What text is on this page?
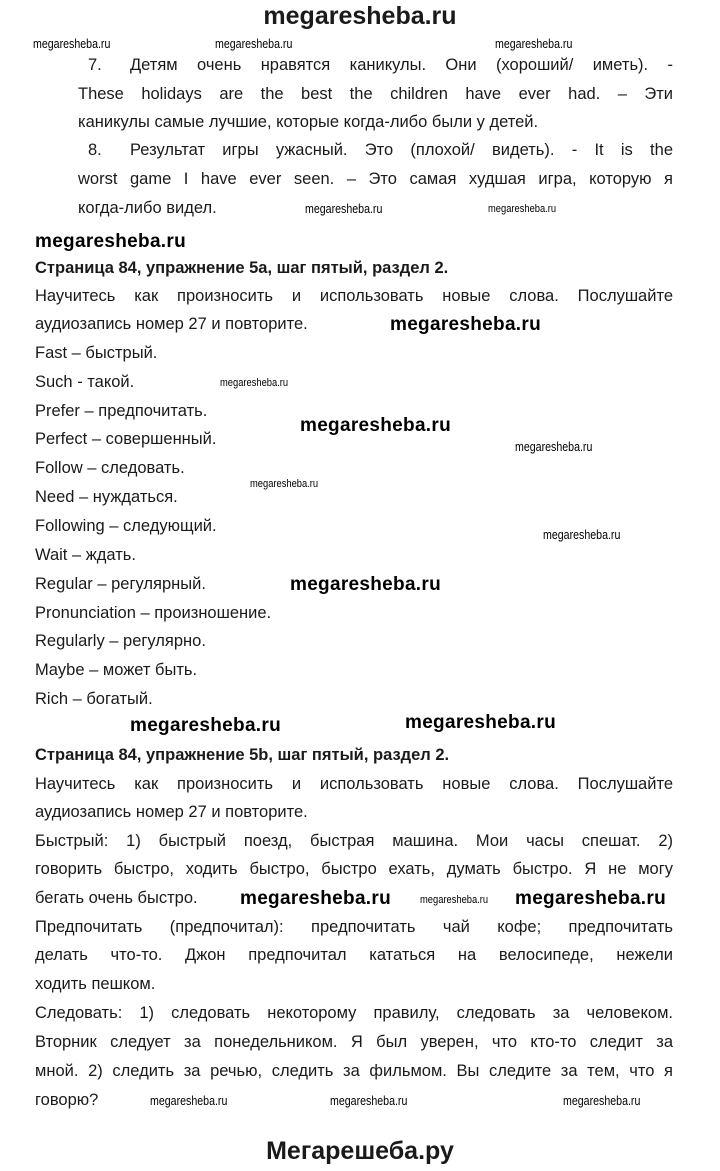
megaresheba.ru
7. Детям очень нравятся каникулы. Они (хороший/ иметь). -
These holidays are the best the children have ever had. – Эти
каникулы самые лучшие, которые когда-либо были у детей.
8. Результат игры ужасный. Это (плохой/ видеть). - It is the
worst game I have ever seen. – Это самая худшая игра, которую я
когда-либо видел.
Страница 84, упражнение 5a, шаг пятый, раздел 2.
Научитесь как произносить и использовать новые слова. Послушайте
аудиозапись номер 27 и повторите.
Fast – быстрый.
Such - такой.
Prefer – предпочитать.
Perfect – совершенный.
Follow – следовать.
Need – нуждаться.
Following – следующий.
Wait – ждать.
Regular – регулярный.
Pronunciation – произношение.
Regularly – регулярно.
Maybe – может быть.
Rich – богатый.
Страница 84, упражнение 5b, шаг пятый, раздел 2.
Научитесь как произносить и использовать новые слова. Послушайте
аудиозапись номер 27 и повторите.
Быстрый: 1) быстрый поезд, быстрая машина. Мои часы спешат. 2)
говорить быстро, ходить быстро, быстро ехать, думать быстро. Я не могу
бегать очень быстро.
Предпочитать (предпочитал): предпочитать чай кофе; предпочитать
делать что-то. Джон предпочитал кататься на велосипеде, нежели
ходить пешком.
Следовать: 1) следовать некоторому правилу, следовать за человеком.
Вторник следует за понедельником. Я был уверен, что кто-то следит за
мной. 2) следить за речью, следить за фильмом. Вы следите за тем, что я
говорю?
megaresheba.ru	megaresheba.ru	megaresheba.ru
megaresheba.ru	megaresheba.ru
megaresheba.ru
megaresheba.ru
megaresheba.ru
megaresheba.ru
megaresheba.ru
megaresheba.ru
megaresheba.ru
megaresheba.ru
megaresheba.ru	megaresheba.ru
megaresheba.ru
megaresheba.ru	megaresheba.ru
megaresheba.ru	megaresheba.ru	megaresheba.ru
Мегарешеба.ру
